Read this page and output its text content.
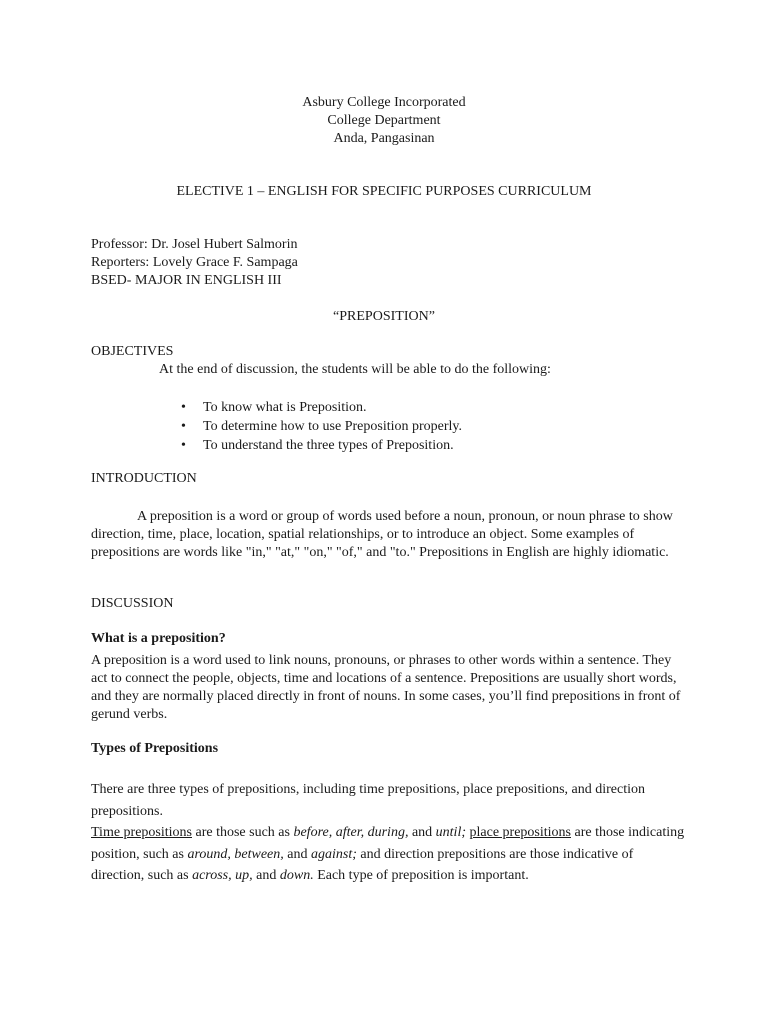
Asbury College Incorporated
College Department
Anda, Pangasinan
ELECTIVE 1 – ENGLISH FOR SPECIFIC PURPOSES CURRICULUM
Professor: Dr. Josel Hubert Salmorin
Reporters: Lovely Grace F. Sampaga
BSED- MAJOR IN ENGLISH III
“PREPOSITION”
OBJECTIVES
At the end of discussion, the students will be able to do the following:
• To know what is Preposition.
• To determine how to use Preposition properly.
• To understand the three types of Preposition.
INTRODUCTION
A preposition is a word or group of words used before a noun, pronoun, or noun phrase to show direction, time, place, location, spatial relationships, or to introduce an object. Some examples of prepositions are words like "in," "at," "on," "of," and "to." Prepositions in English are highly idiomatic.
DISCUSSION
What is a preposition?
A preposition is a word used to link nouns, pronouns, or phrases to other words within a sentence. They act to connect the people, objects, time and locations of a sentence. Prepositions are usually short words, and they are normally placed directly in front of nouns. In some cases, you’ll find prepositions in front of gerund verbs.
Types of Prepositions
There are three types of prepositions, including time prepositions, place prepositions, and direction prepositions.
Time prepositions are those such as before, after, during, and until; place prepositions are those indicating position, such as around, between, and against; and direction prepositions are those indicative of direction, such as across, up, and down. Each type of preposition is important.
